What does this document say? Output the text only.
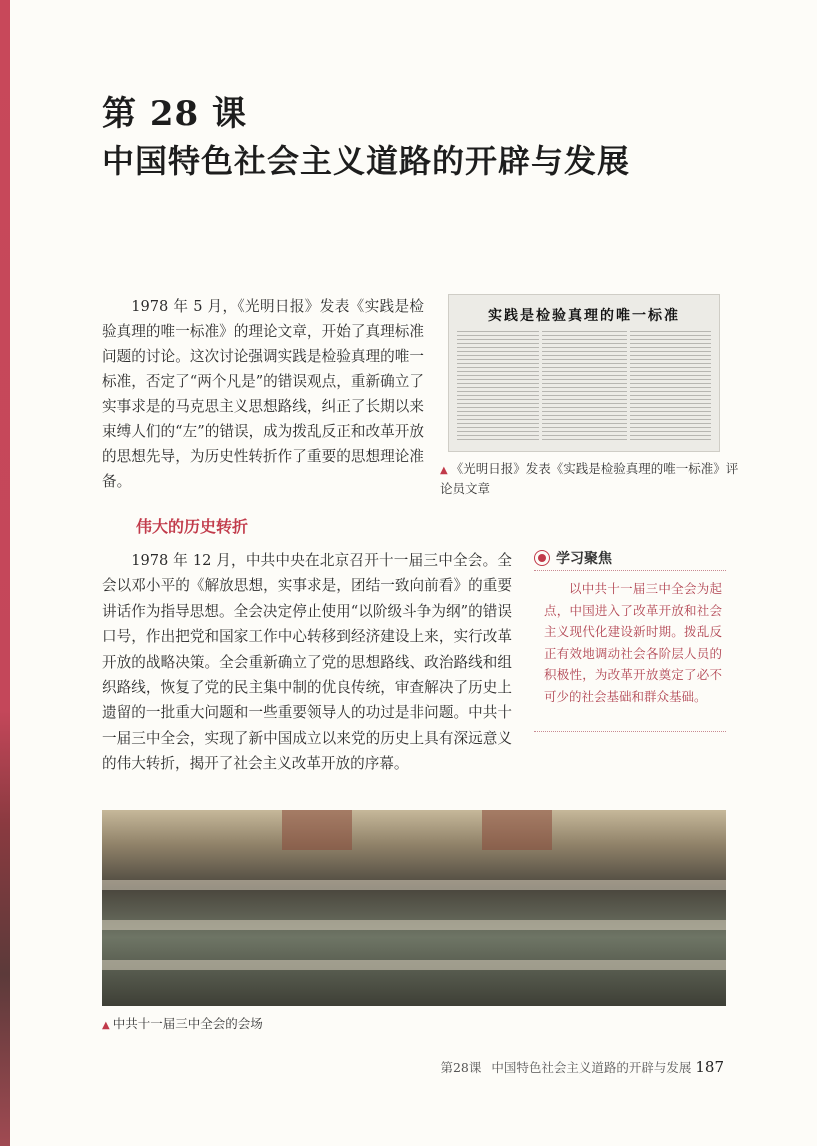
第 28 课
中国特色社会主义道路的开辟与发展

1978 年 5 月，《光明日报》发表《实践是检验真理的唯一标准》的理论文章，开始了真理标准问题的讨论。这次讨论强调实践是检验真理的唯一标准，否定了“两个凡是”的错误观点，重新确立了实事求是的马克思主义思想路线，纠正了长期以来束缚人们的“左”的错误，成为拨乱反正和改革开放的思想先导，为历史性转折作了重要的思想理论准备。

实践是检验真理的唯一标准
▲ 《光明日报》发表《实践是检验真理的唯一标准》评论员文章
伟大的历史转折

1978 年 12 月，中共中央在北京召开十一届三中全会。全会以邓小平的《解放思想，实事求是，团结一致向前看》的重要讲话作为指导思想。全会决定停止使用“以阶级斗争为纲”的错误口号，作出把党和国家工作中心转移到经济建设上来，实行改革开放的战略决策。全会重新确立了党的思想路线、政治路线和组织路线，恢复了党的民主集中制的优良传统，审查解决了历史上遗留的一批重大问题和一些重要领导人的功过是非问题。中共十一届三中全会，实现了新中国成立以来党的历史上具有深远意义的伟大转折，揭开了社会主义改革开放的序幕。

学习聚焦
以中共十一届三中全会为起点，中国进入了改革开放和社会主义现代化建设新时期。拨乱反正有效地调动社会各阶层人员的积极性，为改革开放奠定了必不可少的社会基础和群众基础。
▲ 中共十一届三中全会的会场
第28课 中国特色社会主义道路的开辟与发展 187
